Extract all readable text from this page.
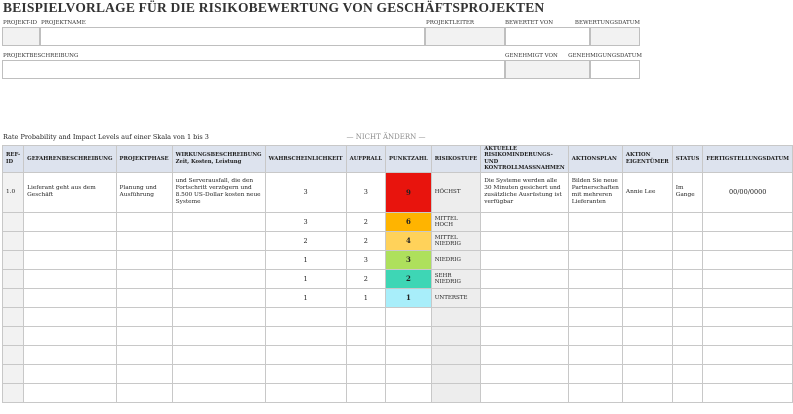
BEISPIELVORLAGE FÜR DIE RISIKOBEWERTUNG VON GESCHÄFTSPROJEKTEN
PROJEKT-ID PROJEKTNAME	PROJEKTLEITER	BEWERTET VON	BEWERTUNGSDATUM
PROJEKTBESCHREIBUNG	GENEHMIGT VON GENEHMIGUNGSDATUM
Rate Probability and Impact Levels auf einer Skala von 1 bis 3	— NICHT ÄNDERN —
REF-ID	GEFAHRENBESCHREIBUNG	PROJEKTPHASE	WIRKUNGSBESCHREIBUNG Zeit, Kosten, Leistung	WAHRSCHEINLICHKEIT	AUFPRALL	PUNKTZAHL	RISIKOSTUFE	AKTUELLE RISIKOMINDERUNGS- UND KONTROLLMASSNAHMEN	AKTIONSPLAN	AKTION EIGENTÜMER	STATUS	FERTIGSTELLUNGSDATUM
1.0	Lieferant geht aus dem Geschäft	Planung und Ausführung	und Serverausfall, die den Fortschritt verzögern und 8.500 US-Dollar kosten neue Systeme	3	3	9	HÖCHST	Die Systeme werden alle 30 Minuten gesichert und zusätzliche Ausrüstung ist verfügbar	Bilden Sie neue Partnerschaften mit mehreren Lieferanten	Annie Lee	Im Gange	00/00/0000
				3	2	6	MITTEL HOCH					
				2	2	4	MITTEL NIEDRIG					
				1	3	3	NIEDRIG					
				1	2	2	SEHR NIEDRIG					
				1	1	1	UNTERSTE					
